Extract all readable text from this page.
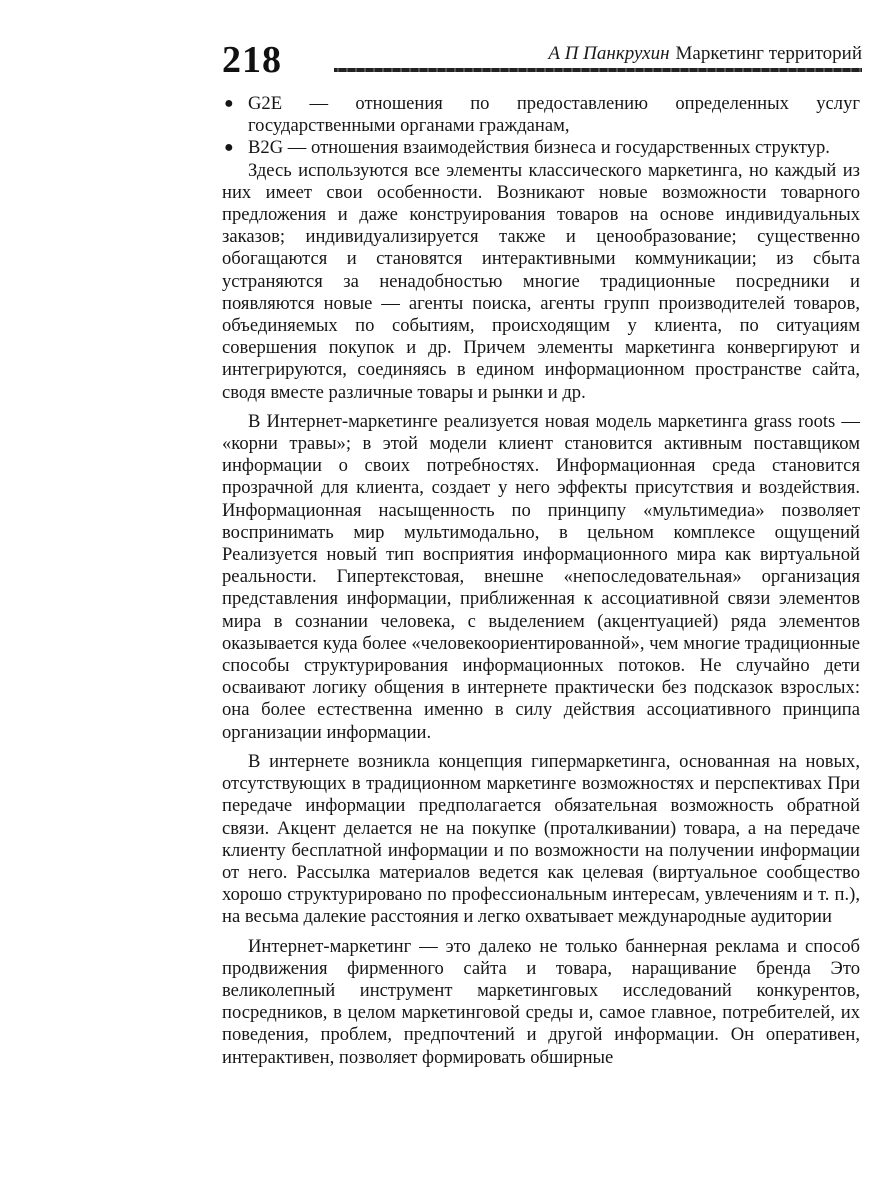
218	А П Панкрухин Маркетинг территорий
● G2E — отношения по предоставлению определенных услуг государственными органами гражданам,
● B2G — отношения взаимодействия бизнеса и государственных структур.

Здесь используются все элементы классического маркетинга, но каждый из них имеет свои особенности. Возникают новые возможности товарного предложения и даже конструирования товаров на основе индивидуальных заказов; индивидуализируется также и ценообразование; существенно обогащаются и становятся интерактивными коммуникации; из сбыта устраняются за ненадобностью многие традиционные посредники и появляются новые — агенты поиска, агенты групп производителей товаров, объединяемых по событиям, происходящим у клиента, по ситуациям совершения покупок и др. Причем элементы маркетинга конвергируют и интегрируются, соединяясь в едином информационном пространстве сайта, сводя вместе различные товары и рынки и др.

В Интернет-маркетинге реализуется новая модель маркетинга grass roots — «корни травы»; в этой модели клиент становится активным поставщиком информации о своих потребностях. Информационная среда становится прозрачной для клиента, создает у него эффекты присутствия и воздействия. Информационная насыщенность по принципу «мультимедиа» позволяет воспринимать мир мультимодально, в цельном комплексе ощущений Реализуется новый тип восприятия информационного мира как виртуальной реальности. Гипертекстовая, внешне «непоследовательная» организация представления информации, приближенная к ассоциативной связи элементов мира в сознании человека, с выделением (акцентуацией) ряда элементов оказывается куда более «человекоориентированной», чем многие традиционные способы структурирования информационных потоков. Не случайно дети осваивают логику общения в интернете практически без подсказок взрослых: она более естественна именно в силу действия ассоциативного принципа организации информации.

В интернете возникла концепция гипермаркетинга, основанная на новых, отсутствующих в традиционном маркетинге возможностях и перспективах При передаче информации предполагается обязательная возможность обратной связи. Акцент делается не на покупке (проталкивании) товара, а на передаче клиенту бесплатной информации и по возможности на получении информации от него. Рассылка материалов ведется как целевая (виртуальное сообщество хорошо структурировано по профессиональным интересам, увлечениям и т. п.), на весьма далекие расстояния и легко охватывает международные аудитории

Интернет-маркетинг — это далеко не только баннерная реклама и способ продвижения фирменного сайта и товара, наращивание бренда Это великолепный инструмент маркетинговых исследований конкурентов, посредников, в целом маркетинговой среды и, самое главное, потребителей, их поведения, проблем, предпочтений и другой информации. Он оперативен, интерактивен, позволяет формировать обширные
